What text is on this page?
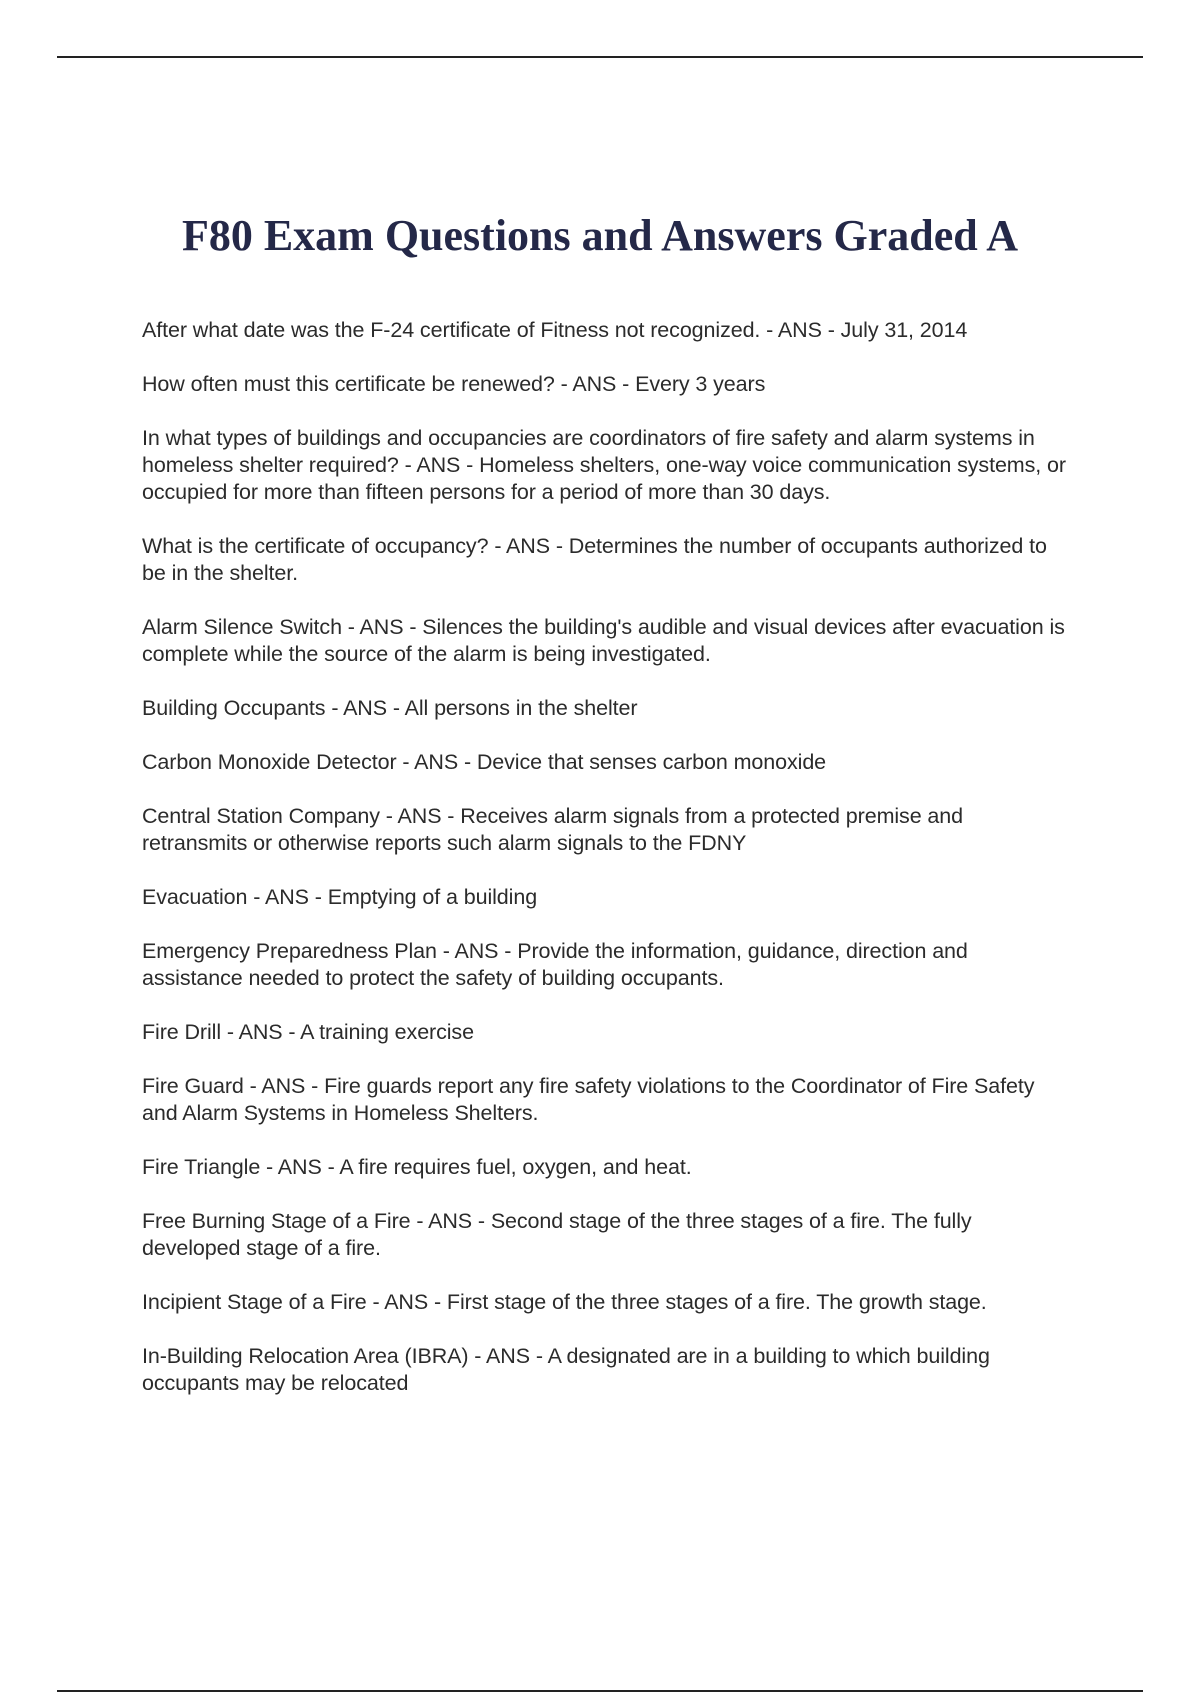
F80 Exam Questions and Answers Graded A
After what date was the F-24 certificate of Fitness not recognized. - ANS - July 31, 2014
How often must this certificate be renewed? - ANS - Every 3 years
In what types of buildings and occupancies are coordinators of fire safety and alarm systems in homeless shelter required? - ANS - Homeless shelters, one-way voice communication systems, or occupied for more than fifteen persons for a period of more than 30 days.
What is the certificate of occupancy? - ANS - Determines the number of occupants authorized to be in the shelter.
Alarm Silence Switch - ANS - Silences the building's audible and visual devices after evacuation is complete while the source of the alarm is being investigated.
Building Occupants - ANS - All persons in the shelter
Carbon Monoxide Detector - ANS - Device that senses carbon monoxide
Central Station Company - ANS - Receives alarm signals from a protected premise and retransmits or otherwise reports such alarm signals to the FDNY
Evacuation - ANS - Emptying of a building
Emergency Preparedness Plan - ANS - Provide the information, guidance, direction and assistance needed to protect the safety of building occupants.
Fire Drill - ANS - A training exercise
Fire Guard - ANS - Fire guards report any fire safety violations to the Coordinator of Fire Safety and Alarm Systems in Homeless Shelters.
Fire Triangle - ANS - A fire requires fuel, oxygen, and heat.
Free Burning Stage of a Fire - ANS - Second stage of the three stages of a fire. The fully developed stage of a fire.
Incipient Stage of a Fire - ANS - First stage of the three stages of a fire. The growth stage.
In-Building Relocation Area (IBRA) - ANS - A designated are in a building to which building occupants may be relocated
